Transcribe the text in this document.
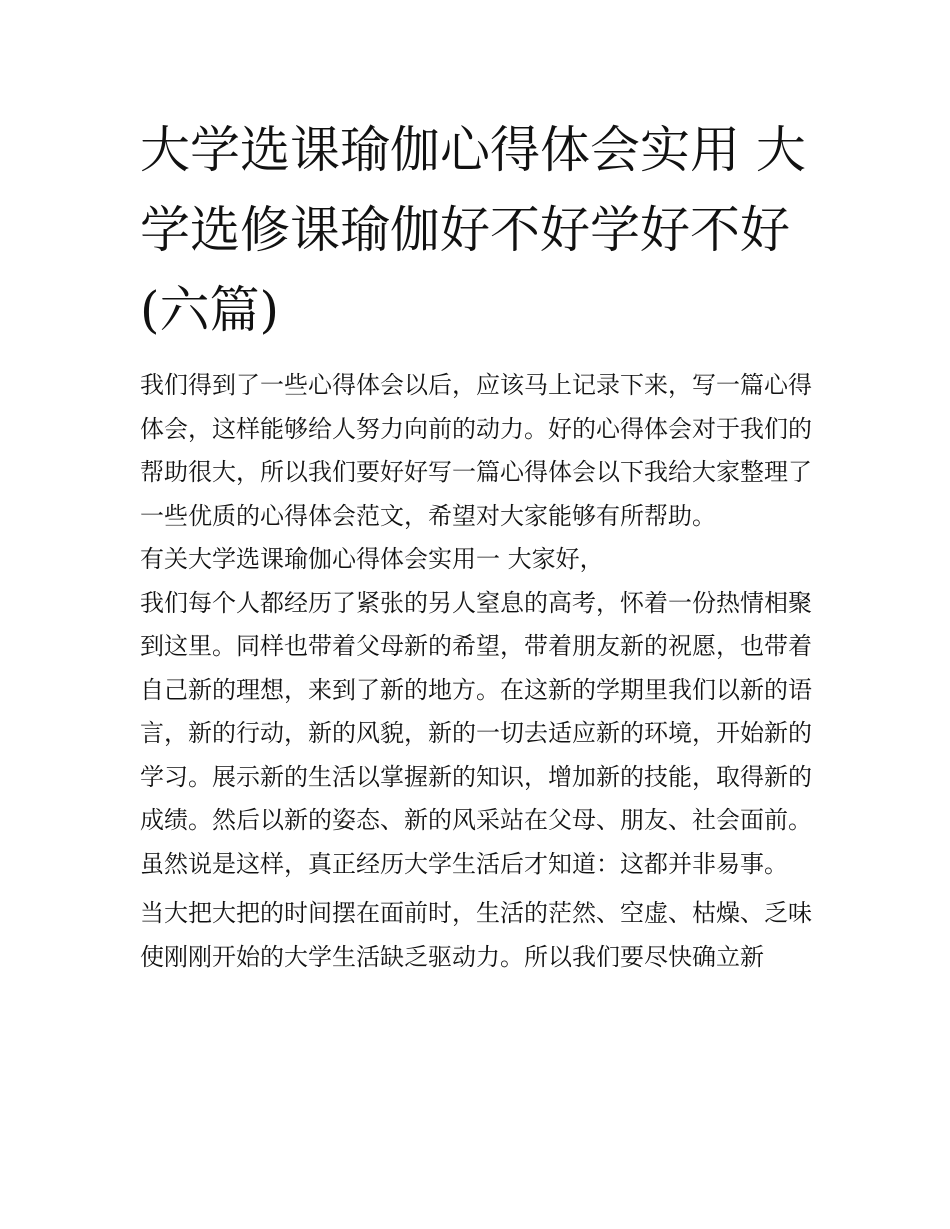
大学选课瑜伽心得体会实用 大学选修课瑜伽好不好学好不好(六篇)

我们得到了一些心得体会以后，应该马上记录下来，写一篇心得体会，这样能够给人努力向前的动力。好的心得体会对于我们的帮助很大，所以我们要好好写一篇心得体会以下我给大家整理了一些优质的心得体会范文，希望对大家能够有所帮助。

有关大学选课瑜伽心得体会实用一 大家好，

我们每个人都经历了紧张的另人窒息的高考，怀着一份热情相聚到这里。同样也带着父母新的希望，带着朋友新的祝愿，也带着自己新的理想，来到了新的地方。在这新的学期里我们以新的语言，新的行动，新的风貌，新的一切去适应新的环境，开始新的学习。展示新的生活以掌握新的知识，增加新的技能，取得新的成绩。然后以新的姿态、新的风采站在父母、朋友、社会面前。虽然说是这样，真正经历大学生活后才知道：这都并非易事。

当大把大把的时间摆在面前时，生活的茫然、空虚、枯燥、乏味使刚刚开始的大学生活缺乏驱动力。所以我们要尽快确立新
